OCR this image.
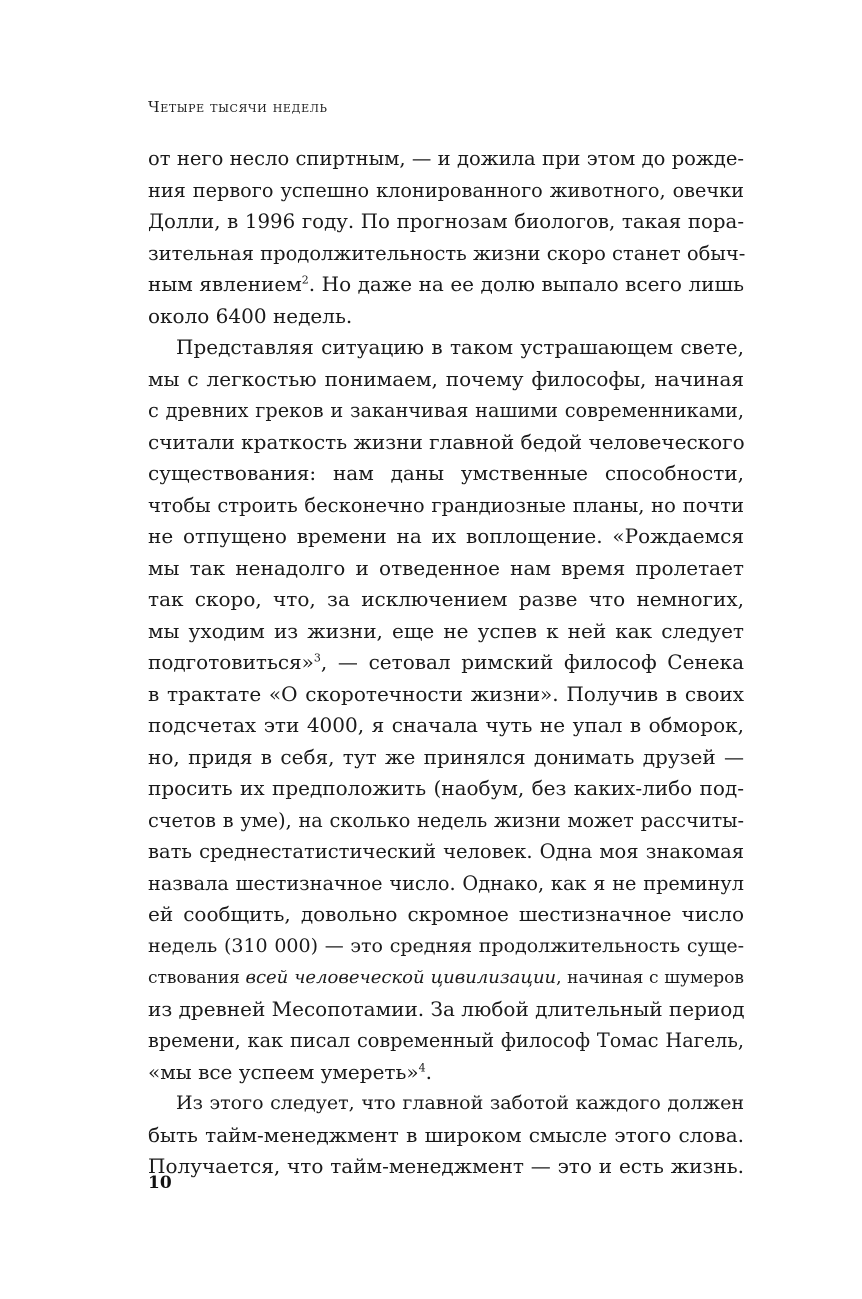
Четыре тысячи недель
от него несло спиртным, — и дожила при этом до рожде-
ния первого успешно клонированного животного, овечки
Долли, в 1996 году. По прогнозам биологов, такая пора-
зительная продолжительность жизни скоро станет обыч-
ным явлением$^2$. Но даже на ее долю выпало всего лишь
около 6400 недель.
Представляя ситуацию в таком устрашающем свете,
мы с легкостью понимаем, почему философы, начиная
с древних греков и заканчивая нашими современниками,
считали краткость жизни главной бедой человеческого
существования: нам даны умственные способности,
чтобы строить бесконечно грандиозные планы, но почти
не отпущено времени на их воплощение. «Рождаемся
мы так ненадолго и отведенное нам время пролетает
так скоро, что, за исключением разве что немногих,
мы уходим из жизни, еще не успев к ней как следует
подготовиться»$^3$, — сетовал римский философ Сенека
в трактате «О скоротечности жизни». Получив в своих
подсчетах эти 4000, я сначала чуть не упал в обморок,
но, придя в себя, тут же принялся донимать друзей —
просить их предположить (наобум, без каких-либо под-
счетов в уме), на сколько недель жизни может рассчиты-
вать среднестатистический человек. Одна моя знакомая
назвала шестизначное число. Однако, как я не преминул
ей сообщить, довольно скромное шестизначное число
недель (310 000) — это средняя продолжительность суще-
ствования всей человеческой цивилизации, начиная с шумеров
из древней Месопотамии. За любой длительный период
времени, как писал современный философ Томас Нагель,
«мы все успеем умереть»$^4$.
Из этого следует, что главной заботой каждого должен
быть тайм-менеджмент в широком смысле этого слова.
Получается, что тайм-менеджмент — это и есть жизнь.
10
